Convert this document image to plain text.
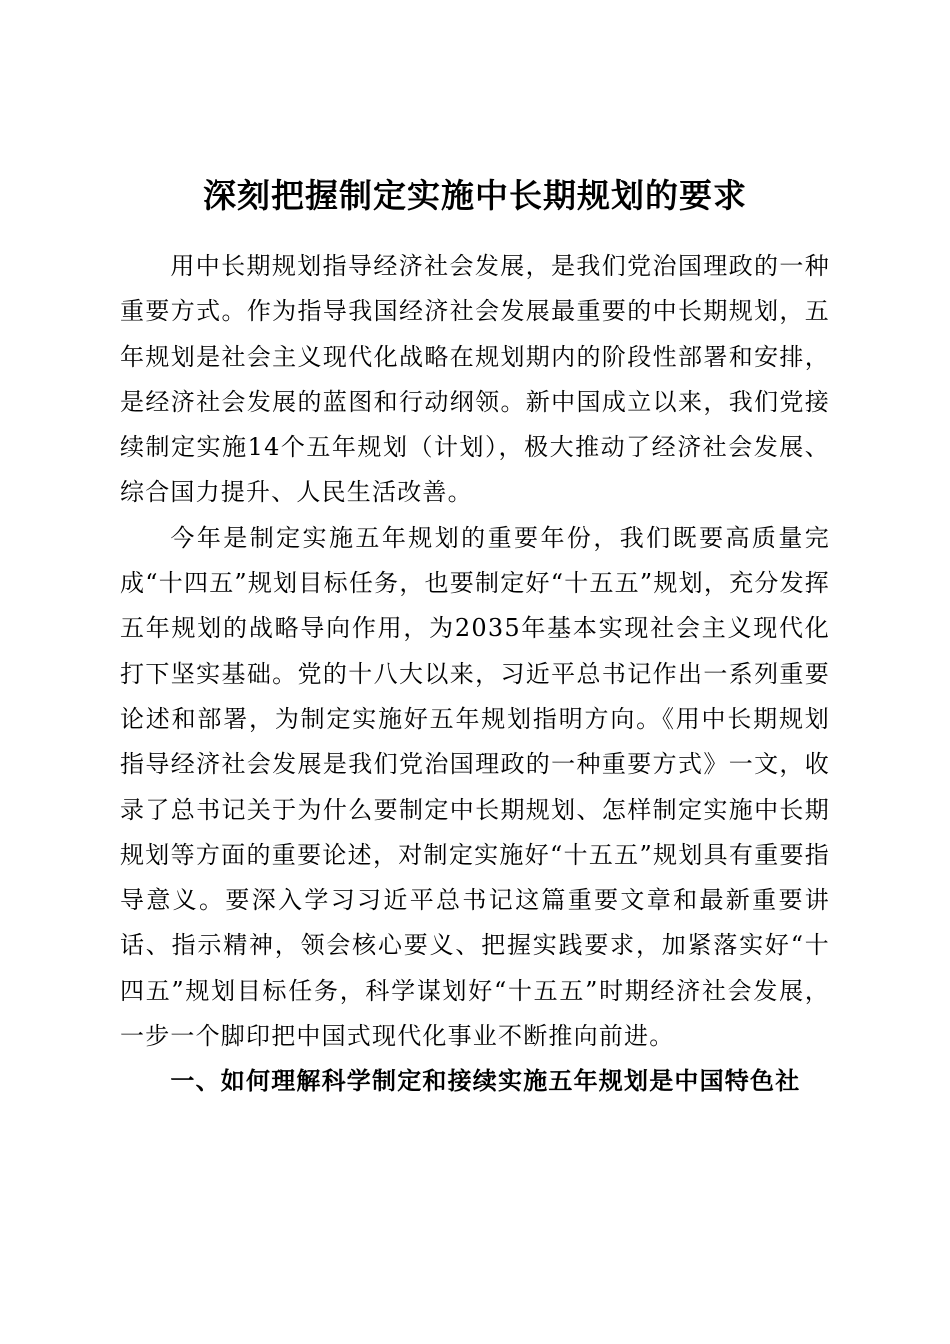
深刻把握制定实施中长期规划的要求

用中长期规划指导经济社会发展，是我们党治国理政的一种重要方式。作为指导我国经济社会发展最重要的中长期规划，五年规划是社会主义现代化战略在规划期内的阶段性部署和安排，是经济社会发展的蓝图和行动纲领。新中国成立以来，我们党接续制定实施14个五年规划（计划），极大推动了经济社会发展、综合国力提升、人民生活改善。

今年是制定实施五年规划的重要年份，我们既要高质量完成“十四五”规划目标任务，也要制定好“十五五”规划，充分发挥五年规划的战略导向作用，为2035年基本实现社会主义现代化打下坚实基础。党的十八大以来，习近平总书记作出一系列重要论述和部署，为制定实施好五年规划指明方向。《用中长期规划指导经济社会发展是我们党治国理政的一种重要方式》一文，收录了总书记关于为什么要制定中长期规划、怎样制定实施中长期规划等方面的重要论述，对制定实施好“十五五”规划具有重要指导意义。要深入学习习近平总书记这篇重要文章和最新重要讲话、指示精神，领会核心要义、把握实践要求，加紧落实好“十四五”规划目标任务，科学谋划好“十五五”时期经济社会发展，一步一个脚印把中国式现代化事业不断推向前进。

一、如何理解科学制定和接续实施五年规划是中国特色社
